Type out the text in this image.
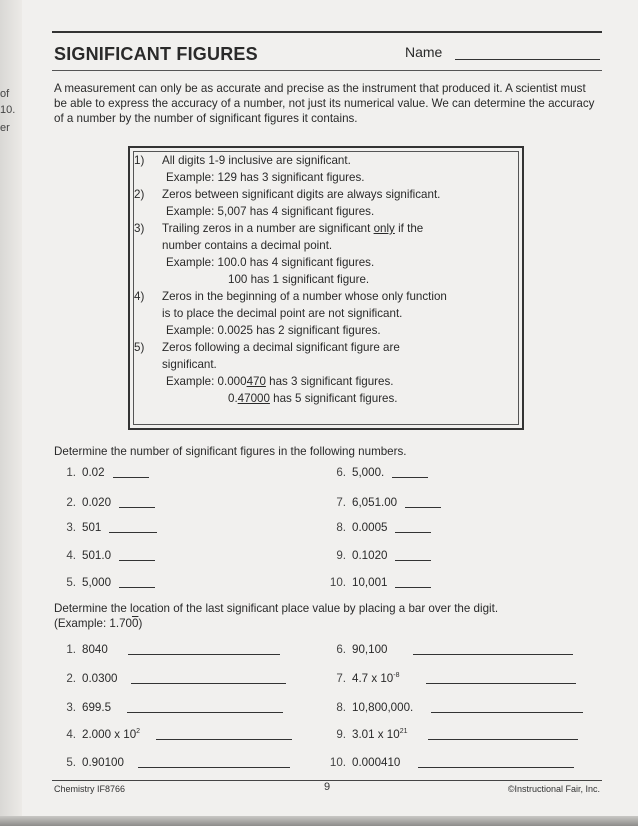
of
10.
er
SIGNIFICANT FIGURES	Name
A measurement can only be as accurate and precise as the instrument that produced it. A scientist must be able to express the accuracy of a number, not just its numerical value. We can determine the accuracy of a number by the number of significant figures it contains.
1) All digits 1-9 inclusive are significant.
Example: 129 has 3 significant figures.
2) Zeros between significant digits are always significant.
Example: 5,007 has 4 significant figures.
3) Trailing zeros in a number are significant only if the
number contains a decimal point.
Example: 100.0 has 4 significant figures.
100 has 1 significant figure.
4) Zeros in the beginning of a number whose only function
is to place the decimal point are not significant.
Example: 0.0025 has 2 significant figures.
5) Zeros following a decimal significant figure are
significant.
Example: 0.000470 has 3 significant figures.
0.47000 has 5 significant figures.
Determine the number of significant figures in the following numbers.
1. 0.02
2. 0.020
3. 501
4. 501.0
5. 5,000
6. 5,000.
7. 6,051.00
8. 0.0005
9. 0.1020
10. 10,001
Determine the location of the last significant place value by placing a bar over the digit.
(Example: 1.700)
1. 8040
2. 0.0300
3. 699.5
4. 2.000 x $10^2$
5. 0.90100
6. 90,100
7. 4.7 x $10^{-8}$
8. 10,800,000.
9. 3.01 x $10^{21}$
10. 0.000410
Chemistry IF8766	9	©Instructional Fair, Inc.
